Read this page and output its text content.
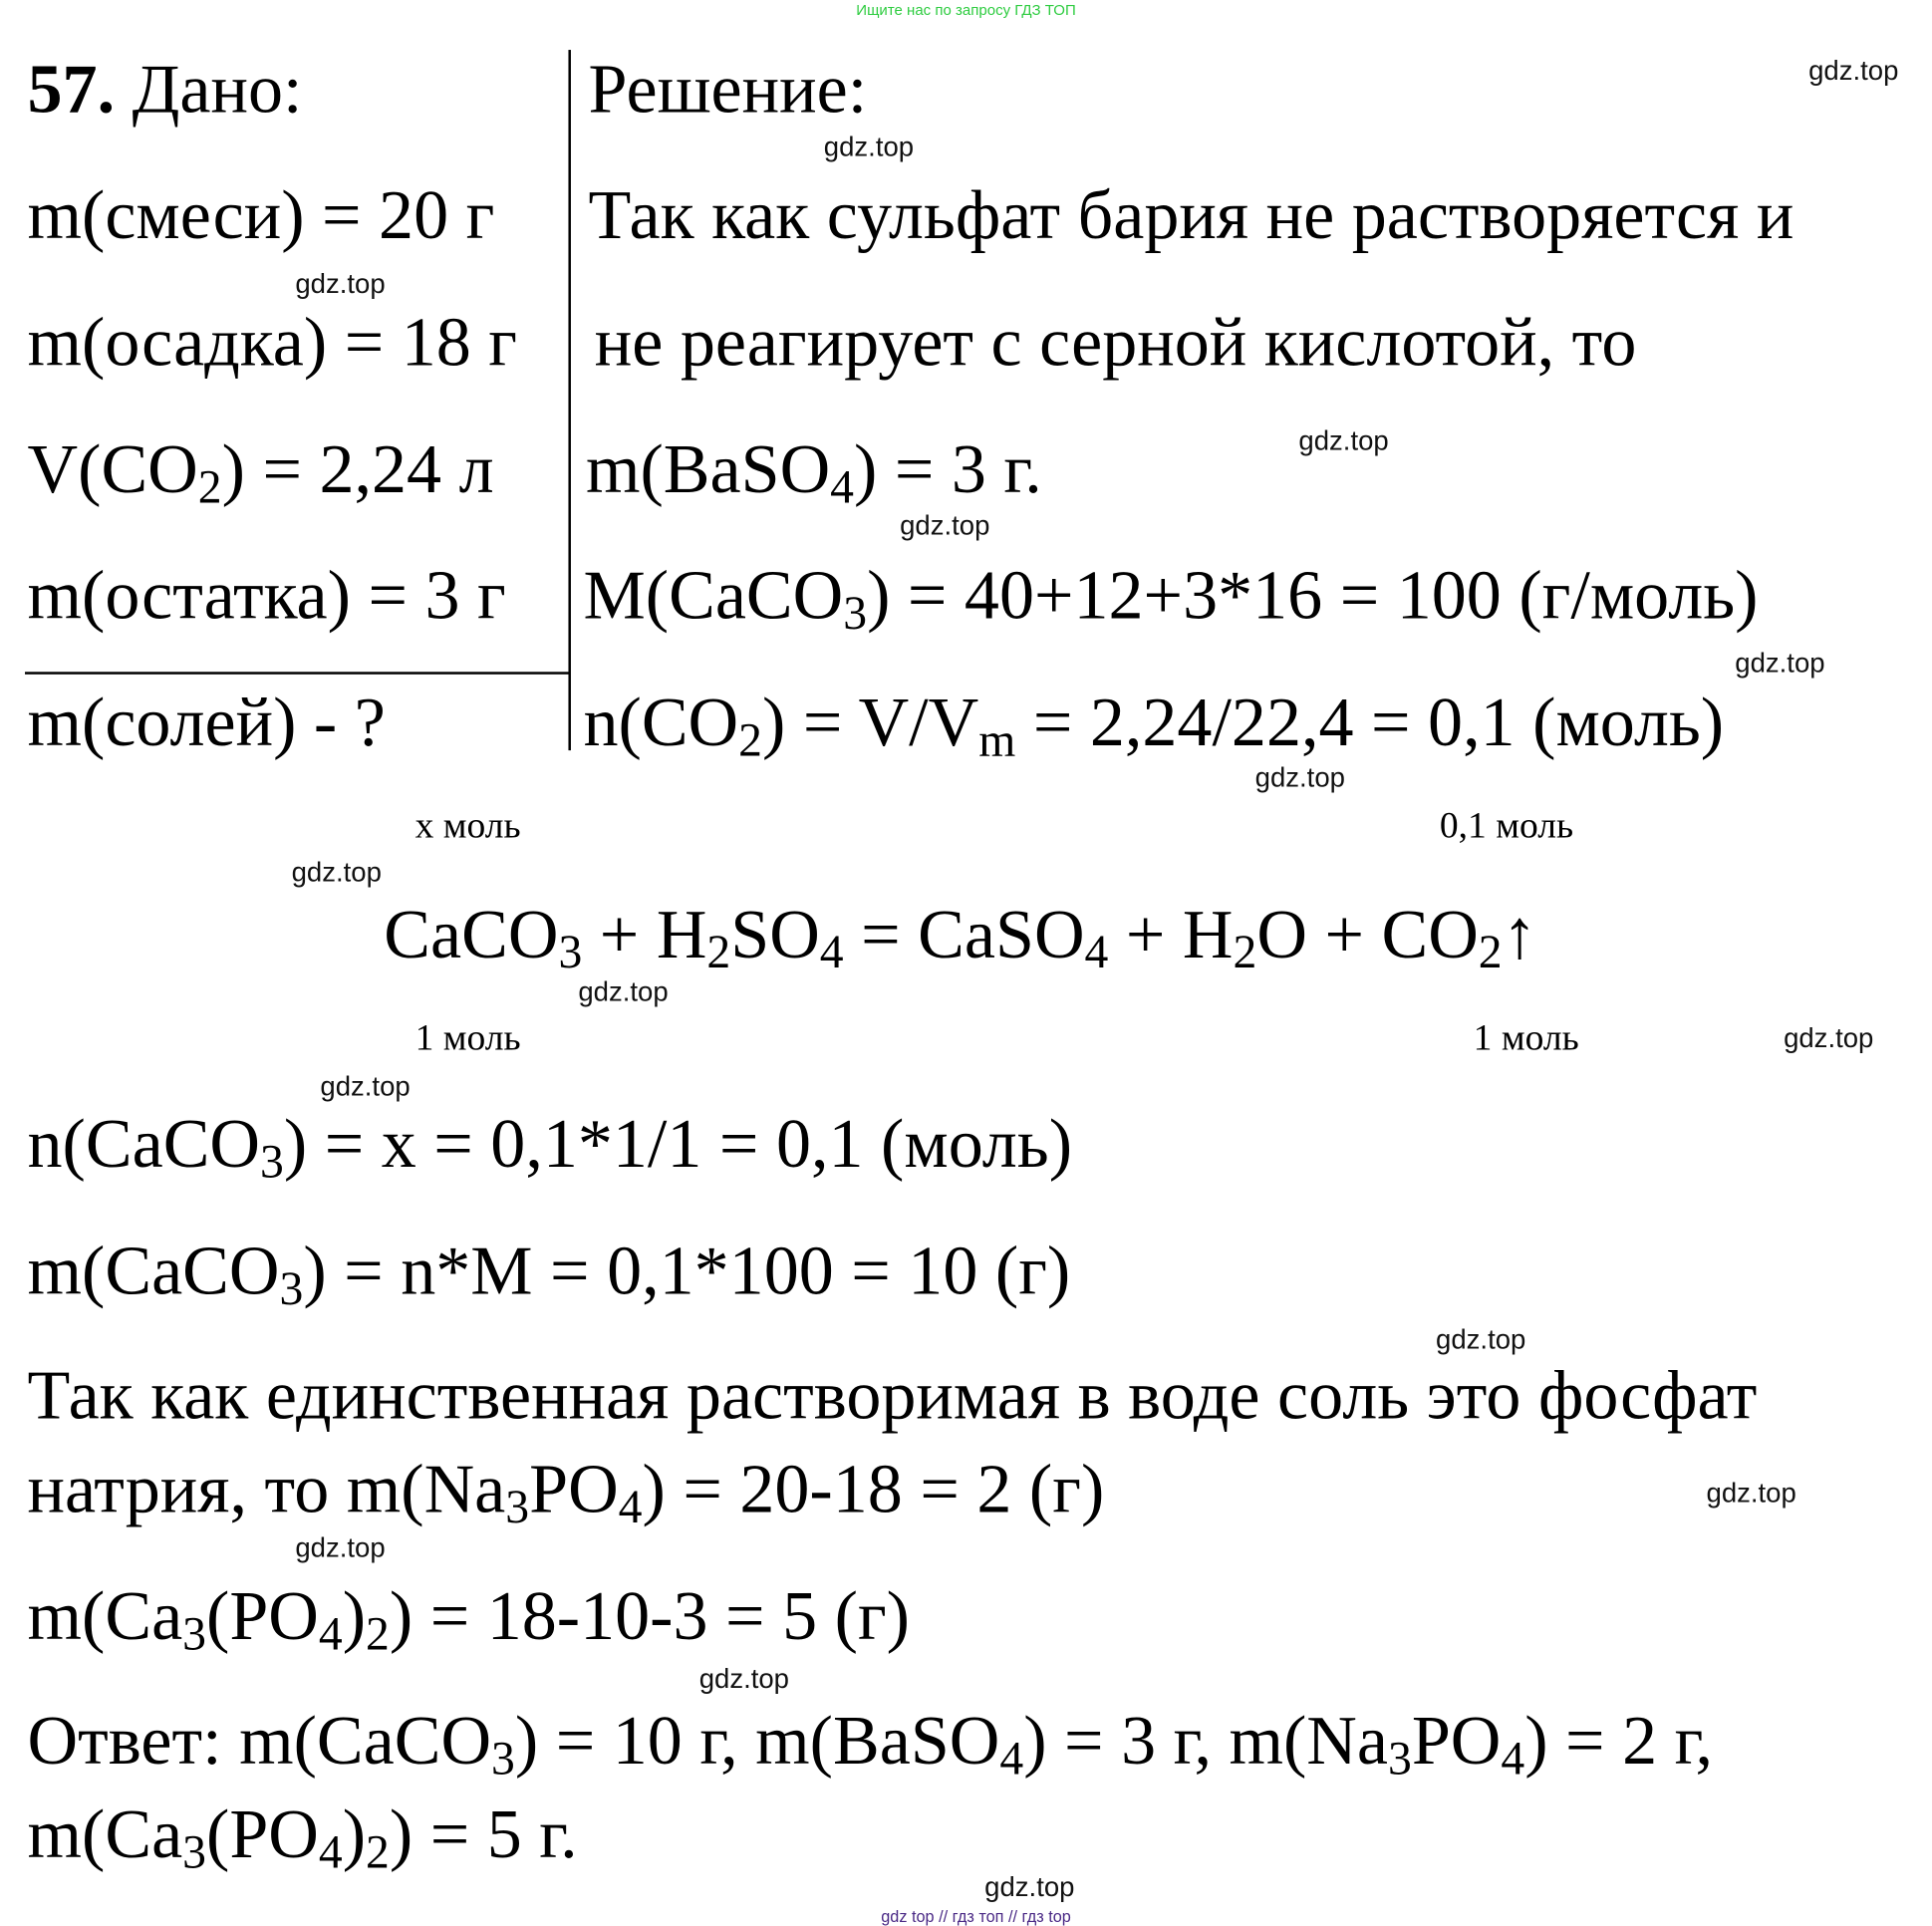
Ищите нас по запросу ГДЗ ТОП
57. Дано:	Решение:
m(смеси) = 20 г
m(осадка) = 18 г
$V(CO_2) = 2,24$ л
m(остатка) = 3 г
m(солей) - ?
Так как сульфат бария не растворяется и
не реагирует с серной кислотой, то
m(BaSO$_4$) = 3 г.
M(CaCO$_3$) = 40+12+3*16 = 100 (г/моль)
$n(CO_2) = V/V_m = 2,24/22,4 = 0,1$ (моль)
x моль	0,1 моль
CaCO$_3$ + $H_2SO_4$ = CaSO$_4$ + $H_2O$ + $CO_2↑$
1 моль	1 моль
n(CaCO$_3$) = x = 0,1*1/1 = 0,1 (моль)
m(CaCO$_3$) = n*M = 0,1*100 = 10 (г)
Так как единственная растворимая в воде соль это фосфат
натрия, то $m(Na_3PO_4) = 20-18 = 2$ (г)
$m(Ca_3(PO_4)_2) = 18-10-3 = 5$ (г)
Ответ: m(CaCO$_3$) = 10 г, m(BaSO$_4$) = 3 г, $m(Na_3PO_4) = 2$ г,
$m(Ca_3(PO_4)_2) = 5$ г.
gdz.top
gdz.top
gdz.top
gdz.top
gdz.top
gdz.top
gdz.top
gdz.top
gdz.top
gdz.top
gdz.top
gdz.top
gdz.top
gdz.top
gdz.top
gdz.top
gdz top // гдз топ // гдз top
